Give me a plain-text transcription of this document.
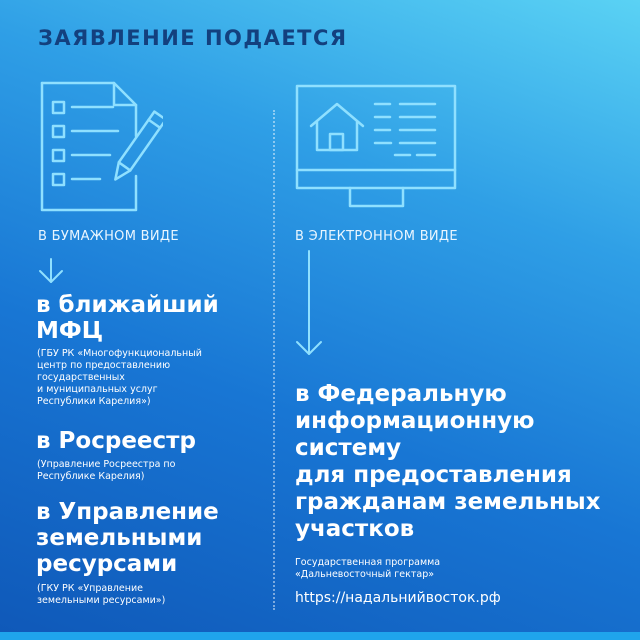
ЗАЯВЛЕНИЕ ПОДАЕТСЯ
В БУМАЖНОМ ВИДЕ
в ближайший
МФЦ
(ГБУ РК «Многофункциональный
центр по предоставлению
государственных
и муниципальных услуг
Республики Карелия»)
в Росреестр
(Управление Росреестра по
Республике Карелия)
в Управление
земельными
ресурсами
(ГКУ РК «Управление
земельными ресурсами»)
В ЭЛЕКТРОННОМ ВИДЕ
в Федеральную
информационную
систему
для предоставления
гражданам земельных
участков
Государственная программа
«Дальневосточный гектар»
https://надальнийвосток.рф
